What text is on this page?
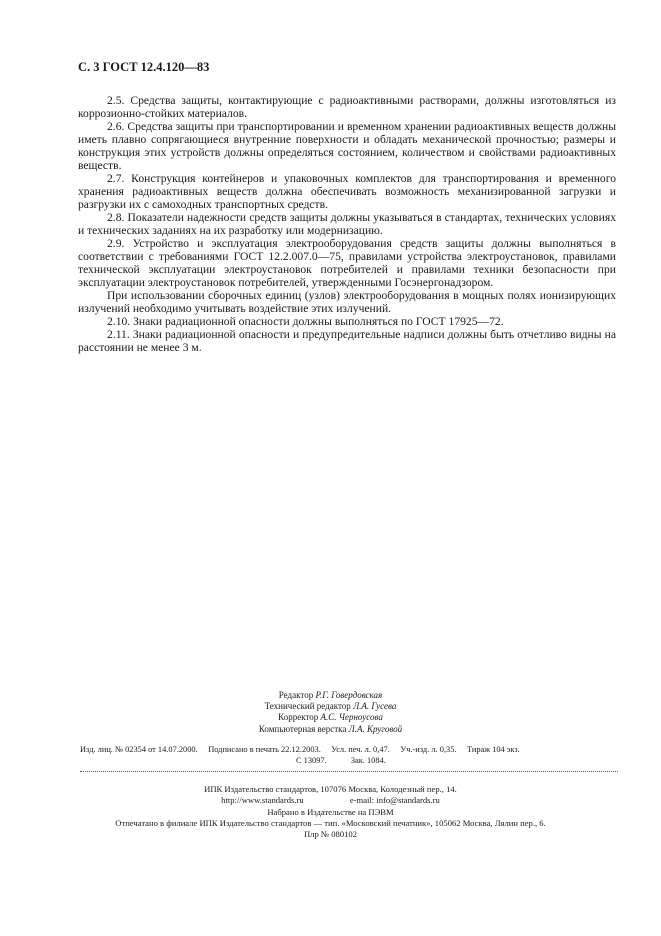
С. 3 ГОСТ 12.4.120—83

2.5. Средства защиты, контактирующие с радиоактивными растворами, должны изготовляться из коррозионно-стойких материалов.

2.6. Средства защиты при транспортировании и временном хранении радиоактивных веществ должны иметь плавно сопрягающиеся внутренние поверхности и обладать механической прочностью; размеры и конструкция этих устройств должны определяться состоянием, количеством и свойствами радиоактивных веществ.

2.7. Конструкция контейнеров и упаковочных комплектов для транспортирования и временного хранения радиоактивных веществ должна обеспечивать возможность механизированной загрузки и разгрузки их с самоходных транспортных средств.

2.8. Показатели надежности средств защиты должны указываться в стандартах, технических условиях и технических заданиях на их разработку или модернизацию.

2.9. Устройство и эксплуатация электрооборудования средств защиты должны выполняться в соответствии с требованиями ГОСТ 12.2.007.0—75, правилами устройства электроустановок, правилами технической эксплуатации электроустановок потребителей и правилами техники безопасности при эксплуатации электроустановок потребителей, утвержденными Госэнергонадзором.

При использовании сборочных единиц (узлов) электрооборудования в мощных полях ионизирующих излучений необходимо учитывать воздействие этих излучений.

2.10. Знаки радиационной опасности должны выполняться по ГОСТ 17925—72.

2.11. Знаки радиационной опасности и предупредительные надписи должны быть отчетливо видны на расстоянии не менее 3 м.

Редактор Р.Г. Говердовская
Технический редактор Л.А. Гусева
Корректор А.С. Черноусова
Компьютерная верстка Л.А. Круговой
Изд. лиц. № 02354 от 14.07.2000. Подписано в печать 22.12.2003. Усл. печ. л. 0,47. Уч.-изд. л. 0,35. Тираж 104 экз.
С 13097.	Зак. 1084.
ИПК Издательство стандартов, 107076 Москва, Колодезный пер., 14.
http://www.standards.ru	e-mail: info@standards.ru
Набрано в Издательстве на ПЭВМ
Отпечатано в филиале ИПК Издательство стандартов — тип. «Московский печатник», 105062 Москва, Лялин пер., 6.
Плр № 080102
